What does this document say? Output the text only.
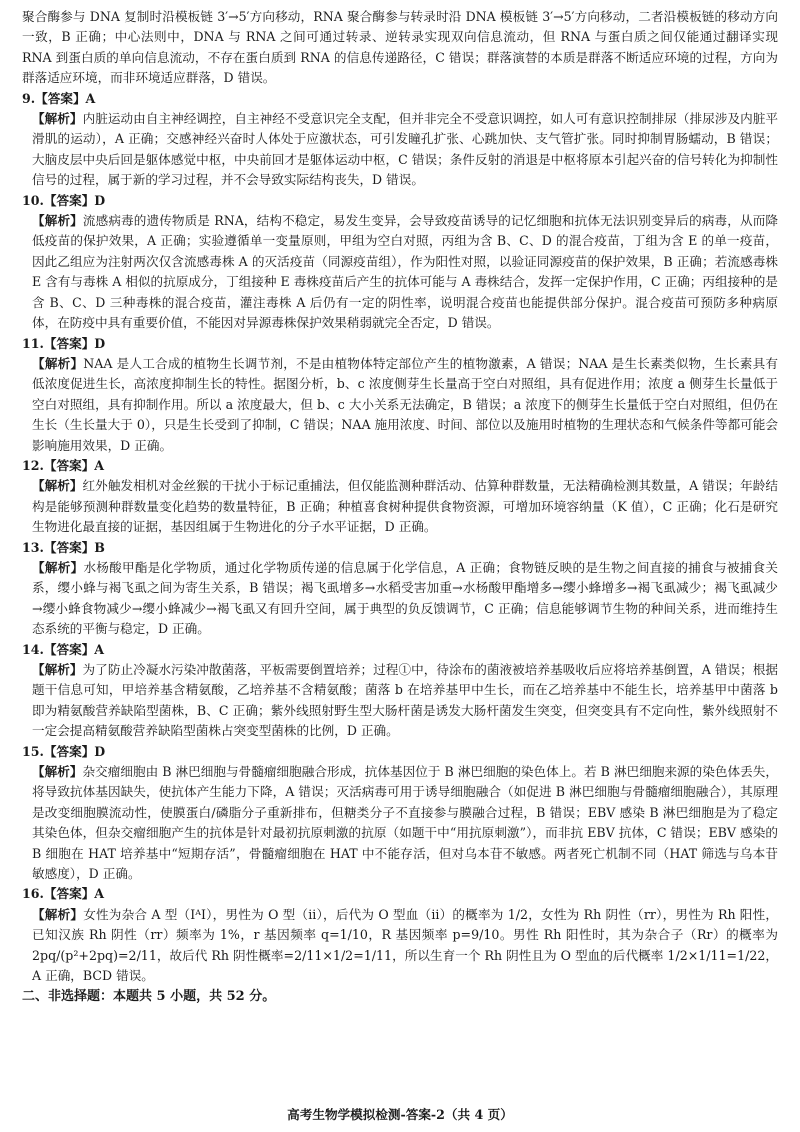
聚合酶参与 DNA 复制时沿模板链 3′→5′方向移动，RNA 聚合酶参与转录时沿 DNA 模板链 3′→5′方向移动，二者沿模板链的移动方向一致，B 正确；中心法则中，DNA 与 RNA 之间可通过转录、逆转录实现双向信息流动，但 RNA 与蛋白质之间仅能通过翻译实现 RNA 到蛋白质的单向信息流动，不存在蛋白质到 RNA 的信息传递路径，C 错误；群落演替的本质是群落不断适应环境的过程，方向为群落适应环境，而非环境适应群落，D 错误。

9.【答案】A

【解析】内脏运动由自主神经调控，自主神经不受意识完全支配，但并非完全不受意识调控，如人可有意识控制排尿（排尿涉及内脏平滑肌的运动），A 正确；交感神经兴奋时人体处于应激状态，可引发瞳孔扩张、心跳加快、支气管扩张。同时抑制胃肠蠕动，B 错误；大脑皮层中央后回是躯体感觉中枢，中央前回才是躯体运动中枢，C 错误；条件反射的消退是中枢将原本引起兴奋的信号转化为抑制性信号的过程，属于新的学习过程，并不会导致实际结构丧失，D 错误。

10.【答案】D

【解析】流感病毒的遗传物质是 RNA，结构不稳定，易发生变异，会导致疫苗诱导的记忆细胞和抗体无法识别变异后的病毒，从而降低疫苗的保护效果，A 正确；实验遵循单一变量原则，甲组为空白对照，丙组为含 B、C、D 的混合疫苗，丁组为含 E 的单一疫苗，因此乙组应为注射两次仅含流感毒株 A 的灭活疫苗（同源疫苗组），作为阳性对照，以验证同源疫苗的保护效果，B 正确；若流感毒株 E 含有与毒株 A 相似的抗原成分，丁组接种 E 毒株疫苗后产生的抗体可能与 A 毒株结合，发挥一定保护作用，C 正确；丙组接种的是含 B、C、D 三种毒株的混合疫苗，灌注毒株 A 后仍有一定的阴性率，说明混合疫苗也能提供部分保护。混合疫苗可预防多种病原体，在防疫中具有重要价值，不能因对异源毒株保护效果稍弱就完全否定，D 错误。

11.【答案】D

【解析】NAA 是人工合成的植物生长调节剂，不是由植物体特定部位产生的植物激素，A 错误；NAA 是生长素类似物，生长素具有低浓度促进生长，高浓度抑制生长的特性。据图分析，b、c 浓度侧芽生长量高于空白对照组，具有促进作用；浓度 a 侧芽生长量低于空白对照组，具有抑制作用。所以 a 浓度最大，但 b、c 大小关系无法确定，B 错误；a 浓度下的侧芽生长量低于空白对照组，但仍在生长（生长量大于 0），只是生长受到了抑制，C 错误；NAA 施用浓度、时间、部位以及施用时植物的生理状态和气候条件等都可能会影响施用效果，D 正确。

12.【答案】A

【解析】红外触发相机对金丝猴的干扰小于标记重捕法，但仅能监测种群活动、估算种群数量，无法精确检测其数量，A 错误；年龄结构是能够预测种群数量变化趋势的数量特征，B 正确；种植喜食树种提供食物资源，可增加环境容纳量（K 值），C 正确；化石是研究生物进化最直接的证据，基因组属于生物进化的分子水平证据，D 正确。

13.【答案】B

【解析】水杨酸甲酯是化学物质，通过化学物质传递的信息属于化学信息，A 正确；食物链反映的是生物之间直接的捕食与被捕食关系，缨小蜂与褐飞虱之间为寄生关系，B 错误；褐飞虱增多→水稻受害加重→水杨酸甲酯增多→缨小蜂增多→褐飞虱减少；褐飞虱减少→缨小蜂食物减少→缨小蜂减少→褐飞虱又有回升空间，属于典型的负反馈调节，C 正确；信息能够调节生物的种间关系，进而维持生态系统的平衡与稳定，D 正确。

14.【答案】A

【解析】为了防止冷凝水污染冲散菌落，平板需要倒置培养；过程①中，待涂布的菌液被培养基吸收后应将培养基倒置，A 错误；根据题干信息可知，甲培养基含精氨酸，乙培养基不含精氨酸；菌落 b 在培养基甲中生长，而在乙培养基中不能生长，培养基甲中菌落 b 即为精氨酸营养缺陷型菌株，B、C 正确；紫外线照射野生型大肠杆菌是诱发大肠杆菌发生突变，但突变具有不定向性，紫外线照射不一定会提高精氨酸营养缺陷型菌株占突变型菌株的比例，D 正确。

15.【答案】D

【解析】杂交瘤细胞由 B 淋巴细胞与骨髓瘤细胞融合形成，抗体基因位于 B 淋巴细胞的染色体上。若 B 淋巴细胞来源的染色体丢失，将导致抗体基因缺失，使抗体产生能力下降，A 错误；灭活病毒可用于诱导细胞融合（如促进 B 淋巴细胞与骨髓瘤细胞融合），其原理是改变细胞膜流动性，使膜蛋白/磷脂分子重新排布，但糖类分子不直接参与膜融合过程，B 错误；EBV 感染 B 淋巴细胞是为了稳定其染色体，但杂交瘤细胞产生的抗体是针对最初抗原刺激的抗原（如题干中“用抗原刺激”），而非抗 EBV 抗体，C 错误；EBV 感染的 B 细胞在 HAT 培养基中“短期存活”，骨髓瘤细胞在 HAT 中不能存活，但对乌本苷不敏感。两者死亡机制不同（HAT 筛选与乌本苷敏感度），D 正确。

16.【答案】A

【解析】女性为杂合 A 型（IᴬI），男性为 O 型（ii），后代为 O 型血（ii）的概率为 1/2，女性为 Rh 阴性（rr），男性为 Rh 阳性，已知汉族 Rh 阴性（rr）频率为 1%，r 基因频率 q=1/10，R 基因频率 p=9/10。男性 Rh 阳性时，其为杂合子（Rr）的概率为 2pq/(p²+2pq)=2/11，故后代 Rh 阴性概率=2/11×1/2=1/11，所以生育一个 Rh 阴性且为 O 型血的后代概率 1/2×1/11=1/22，A 正确，BCD 错误。

二、非选择题：本题共 5 小题，共 52 分。

高考生物学模拟检测-答案-2（共 4 页）
